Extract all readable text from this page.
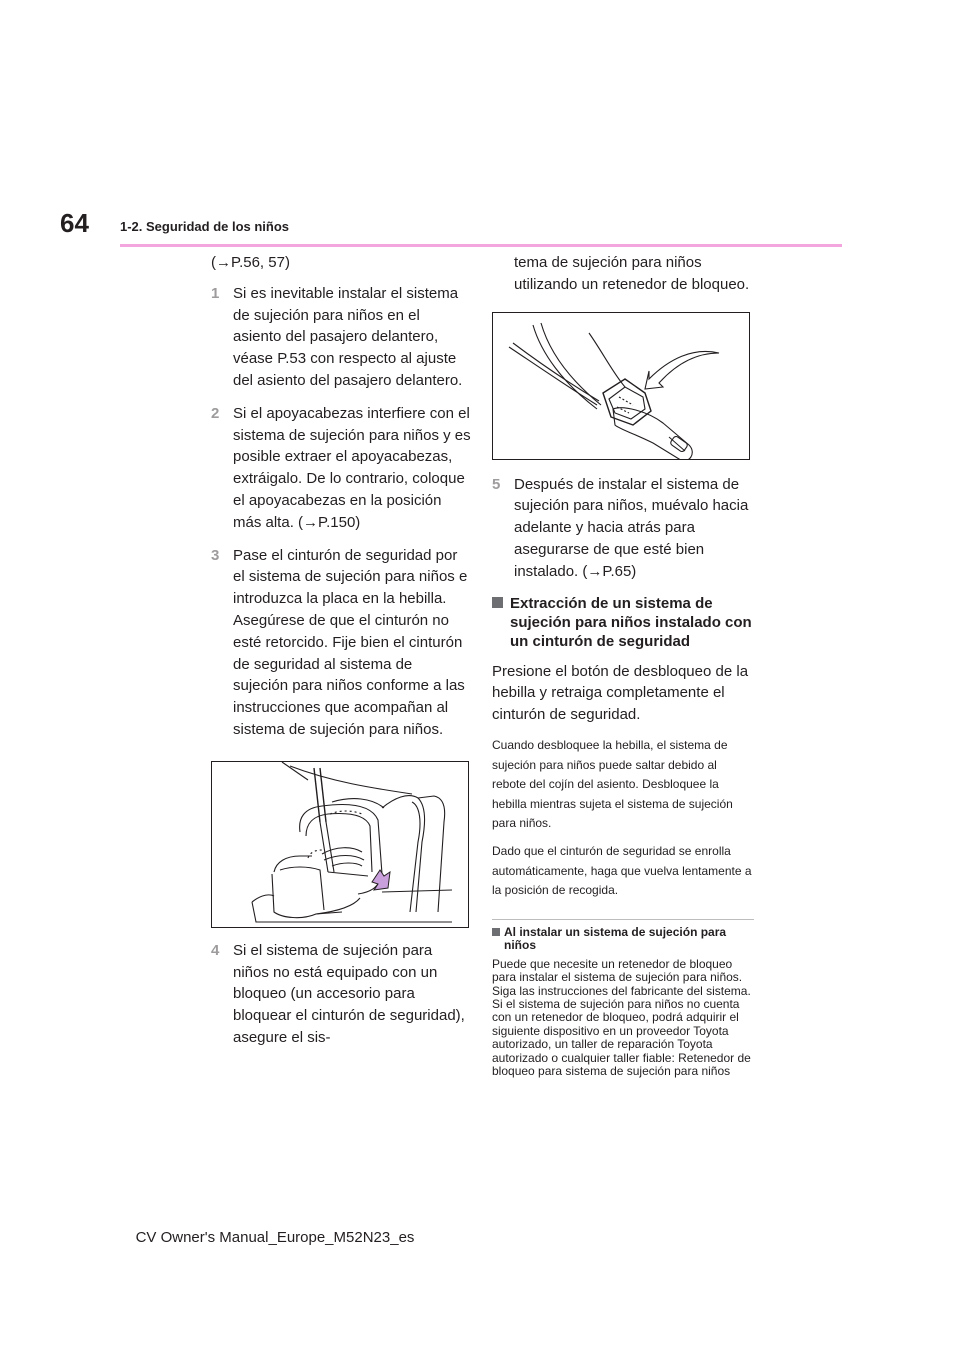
64 1-2. Seguridad de los niños

(→P.56, 57)

1 Si es inevitable instalar el sistema de sujeción para niños en el asiento del pasajero delantero, véase P.53 con respecto al ajuste del asiento del pasajero delantero.
2 Si el apoyacabezas interfiere con el sistema de sujeción para niños y es posible extraer el apoyacabezas, extráigalo. De lo contrario, coloque el apoyacabezas en la posición más alta. (→P.150)
3 Pase el cinturón de seguridad por el sistema de sujeción para niños e introduzca la placa en la hebilla. Asegúrese de que el cinturón no esté retorcido. Fije bien el cinturón de seguridad al sistema de sujeción para niños conforme a las instrucciones que acompañan al sistema de sujeción para niños.
4 Si el sistema de sujeción para niños no está equipado con un bloqueo (un accesorio para bloquear el cinturón de seguridad), asegure el sis-

tema de sujeción para niños utilizando un retenedor de bloqueo.

5 Después de instalar el sistema de sujeción para niños, muévalo hacia adelante y hacia atrás para asegurarse de que esté bien instalado. (→P.65)
Extracción de un sistema de sujeción para niños instalado con un cinturón de seguridad

Presione el botón de desbloqueo de la hebilla y retraiga completamente el cinturón de seguridad.

Cuando desbloquee la hebilla, el sistema de sujeción para niños puede saltar debido al rebote del cojín del asiento. Desbloquee la hebilla mientras sujeta el sistema de sujeción para niños.

Dado que el cinturón de seguridad se enrolla automáticamente, haga que vuelva lentamente a la posición de recogida.

Al instalar un sistema de sujeción para niños

Puede que necesite un retenedor de bloqueo para instalar el sistema de sujeción para niños. Siga las instrucciones del fabricante del sistema. Si el sistema de sujeción para niños no cuenta con un retenedor de bloqueo, podrá adquirir el siguiente dispositivo en un proveedor Toyota autorizado, un taller de reparación Toyota autorizado o cualquier taller fiable: Retenedor de bloqueo para sistema de sujeción para niños

CV Owner's Manual_Europe_M52N23_es
